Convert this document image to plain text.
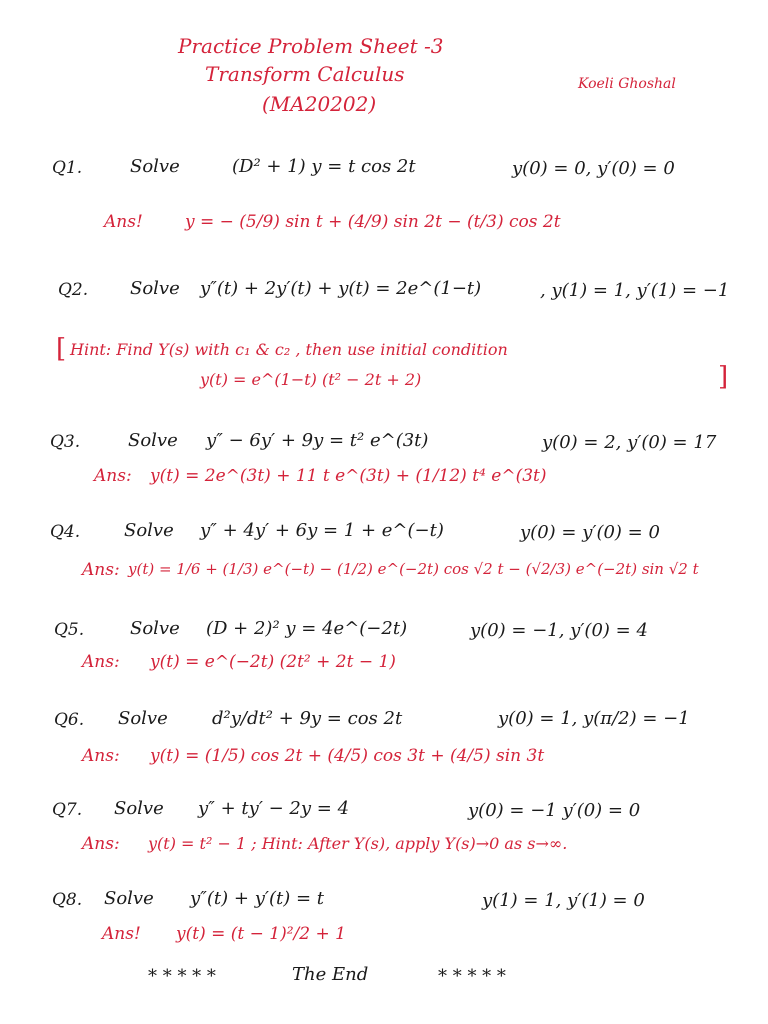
Practice Problem Sheet -3
Transform Calculus
(MA20202)
Koeli Ghoshal
Q1.	Solve	(D² + 1) y = t cos 2t	y(0) = 0, y′(0) = 0
Ans! y = − (5/9) sin t + (4/9) sin 2t − (t/3) cos 2t
Q2. Solve y″(t) + 2y′(t) + y(t) = 2e^(1−t)	, y(1) = 1, y′(1) = −1
[ Hint: Find Y(s) with c₁ & c₂ , then use initial condition
y(t) = e^(1−t) (t² − 2t + 2)	]
Q3.	Solve y″ − 6y′ + 9y = t² e^(3t)	y(0) = 2, y′(0) = 17
Ans: y(t) = 2e^(3t) + 11 t e^(3t) + (1/12) t⁴ e^(3t)
Q4. Solve y″ + 4y′ + 6y = 1 + e^(−t)	y(0) = y′(0) = 0
Ans: y(t) = 1/6 + (1/3) e^(−t) − (1/2) e^(−2t) cos √2 t − (√2/3) e^(−2t) sin √2 t
Q5.	Solve (D + 2)² y = 4e^(−2t)	y(0) = −1, y′(0) = 4
Ans: y(t) = e^(−2t) (2t² + 2t − 1)
Q6. Solve d²y/dt² + 9y = cos 2t	y(0) = 1, y(π/2) = −1
Ans: y(t) = (1/5) cos 2t + (4/5) cos 3t + (4/5) sin 3t
Q7. Solve y″ + ty′ − 2y = 4	y(0) = −1 y′(0) = 0
Ans: y(t) = t² − 1 ; Hint: After Y(s), apply Y(s)→0 as s→∞.
Q8. Solve y″(t) + y′(t) = t	y(1) = 1, y′(1) = 0
Ans! y(t) = (t − 1)²/2 + 1
* * * * *	The End	* * * * *
